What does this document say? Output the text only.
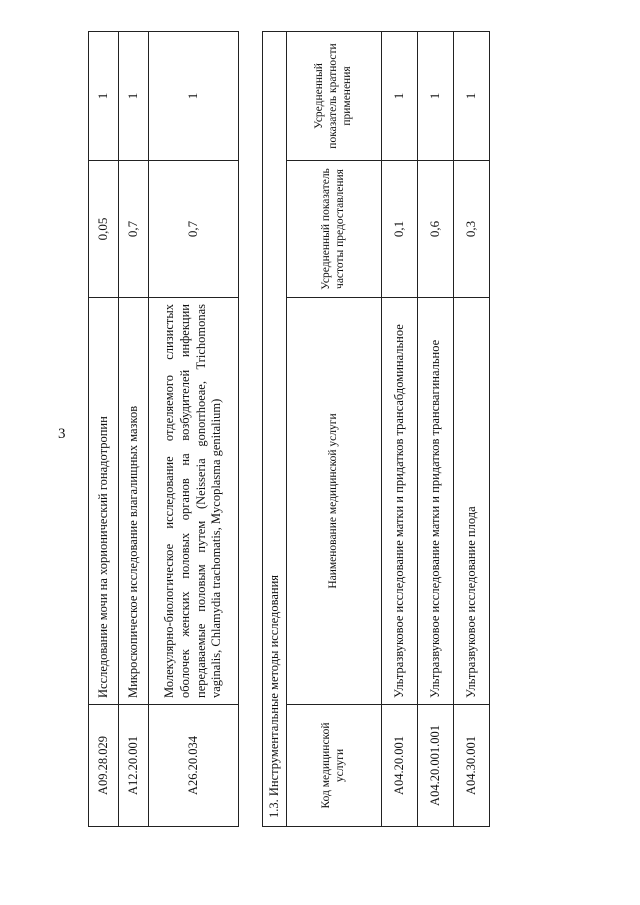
3
A09.28.029	Исследование мочи на хорионический гонадотропин	0,05	1
A12.20.001	Микроскопическое исследование влагалищных мазков	0,7	1
A26.20.034	Молекулярно-биологическое исследование отделяемого слизистых оболочек женских половых органов на возбудителей инфекции передаваемые половым путем (Neisseria gonorrhoeae, Trichomonas vaginalis, Chlamydia trachomatis, Mycoplasma genitalium)	0,7	1
1.3. Инструментальные методы исследования			
Код медицинской услуги	Наименование медицинской услуги	Усредненный показатель частоты предоставления	Усредненный показатель кратности применения
A04.20.001	Ультразвуковое исследование матки и придатков трансабдоминальное	0,1	1
A04.20.001.001	Ультразвуковое исследование матки и придатков трансвагинальное	0,6	1
A04.30.001	Ультразвуковое исследование плода	0,3	1
